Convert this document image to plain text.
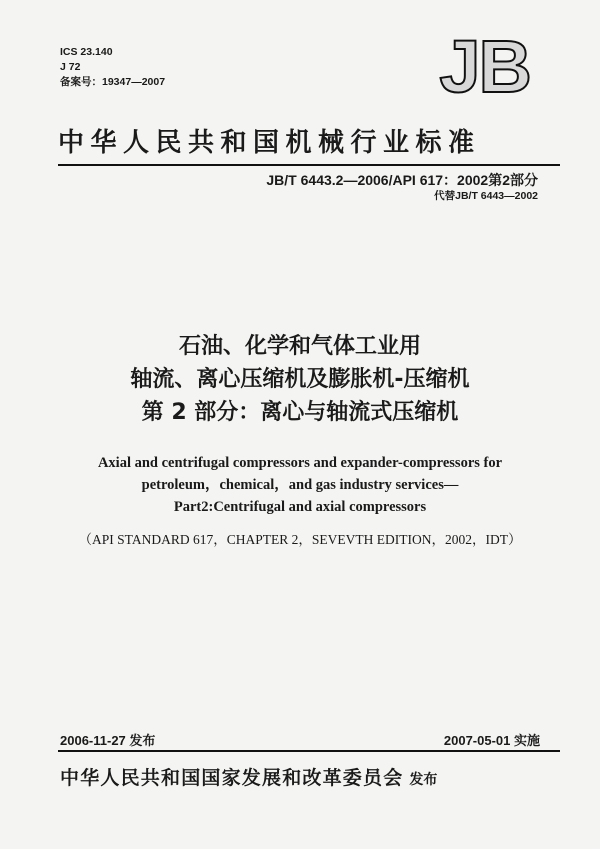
ICS 23.140
J 72
备案号：19347—2007	JB
中华人民共和国机械行业标准
JB/T 6443.2—2006/API 617：2002第2部分
代替JB/T 6443—2002
石油、化学和气体工业用
轴流、离心压缩机及膨胀机-压缩机
第 2 部分：离心与轴流式压缩机
Axial and centrifugal compressors and expander-compressors for
petroleum，chemical，and gas industry services—
Part2:Centrifugal and axial compressors
（API STANDARD 617，CHAPTER 2，SEVEVTH EDITION，2002，IDT）
2006-11-27 发布	2007-05-01 实施
中华人民共和国国家发展和改革委员会 发布
